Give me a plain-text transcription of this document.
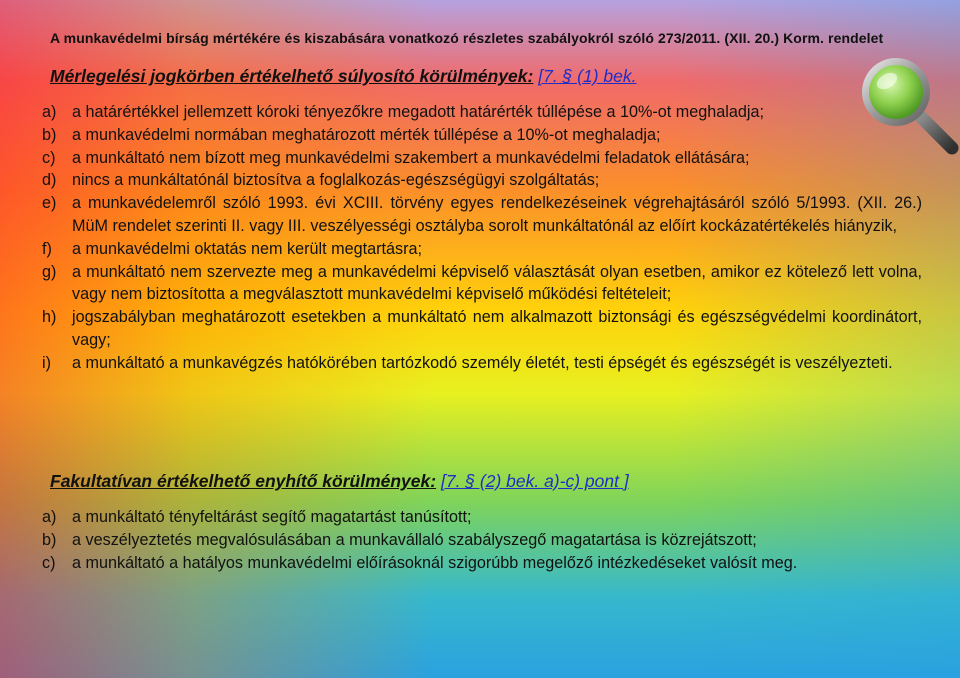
A munkavédelmi bírság mértékére és kiszabására vonatkozó részletes szabályokról szóló 273/2011. (XII. 20.) Korm. rendelet
Mérlegelési jogkörben értékelhető súlyosító körülmények: [7. § (1) bek.
a) a határértékkel jellemzett kóroki tényezőkre megadott határérték túllépése a 10%-ot meghaladja;
b) a munkavédelmi normában meghatározott mérték túllépése a 10%-ot meghaladja;
c)	a munkáltató nem bízott meg munkavédelmi szakembert a munkavédelmi feladatok ellátására;
d) nincs a munkáltatónál biztosítva a foglalkozás-egészségügyi szolgáltatás;
e) a munkavédelemről szóló 1993. évi XCIII. törvény egyes rendelkezéseinek végrehajtásáról szóló 5/1993. (XII. 26.) MüM rendelet szerinti II. vagy III. veszélyességi osztályba sorolt munkáltatónál az előírt kockázatértékelés hiányzik,
f)	a munkavédelmi oktatás nem került megtartásra;
g) a munkáltató nem szervezte meg a munkavédelmi képviselő választását olyan esetben, amikor ez kötelező lett volna, vagy nem biztosította a megválasztott munkavédelmi képviselő működési feltételeit;
h) jogszabályban meghatározott esetekben a munkáltató nem alkalmazott biztonsági és egészségvédelmi koordinátort, vagy;
i)	a munkáltató a munkavégzés hatókörében tartózkodó személy életét, testi épségét és egészségét is veszélyezteti.
Fakultatívan értékelhető enyhítő körülmények: [7. § (2) bek. a)-c) pont ]
a) a munkáltató tényfeltárást segítő magatartást tanúsított;
b) a veszélyeztetés megvalósulásában a munkavállaló szabályszegő magatartása is közrejátszott;
c)	a munkáltató a hatályos munkavédelmi előírásoknál szigorúbb megelőző intézkedéseket valósít meg.
